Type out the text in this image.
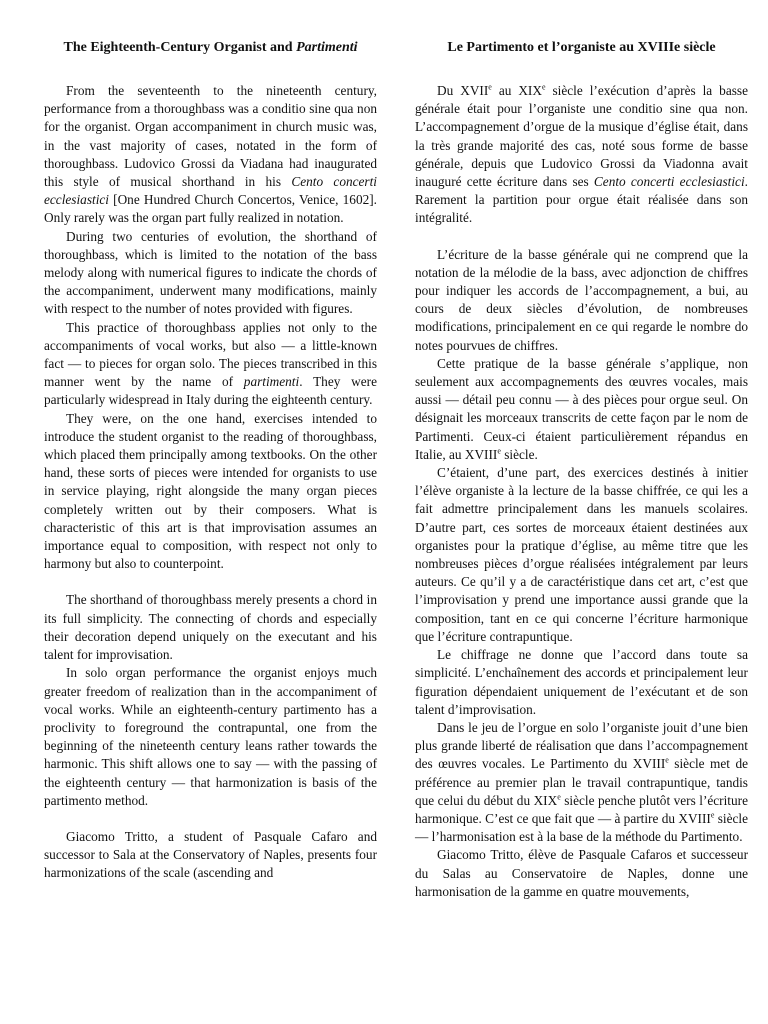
The Eighteenth-Century Organist and Partimenti

From the seventeenth to the nineteenth century, performance from a thoroughbass was a conditio sine qua non for the organist. Organ accompaniment in church music was, in the vast majority of cases, notated in the form of thoroughbass. Ludovico Grossi da Viadana had inaugurated this style of musical shorthand in his Cento concerti ecclesiastici [One Hundred Church Concertos, Venice, 1602]. Only rarely was the organ part fully realized in notation.

During two centuries of evolution, the shorthand of thoroughbass, which is limited to the notation of the bass melody along with numerical figures to indicate the chords of the accompaniment, underwent many modifications, mainly with respect to the number of notes provided with figures.

This practice of thoroughbass applies not only to the accompaniments of vocal works, but also — a little-known fact — to pieces for organ solo. The pieces transcribed in this manner went by the name of partimenti. They were particularly widespread in Italy during the eighteenth century.

They were, on the one hand, exercises intended to introduce the student organist to the reading of thoroughbass, which placed them principally among textbooks. On the other hand, these sorts of pieces were intended for organists to use in service playing, right alongside the many organ pieces completely written out by their composers. What is characteristic of this art is that improvisation assumes an importance equal to composition, with respect not only to harmony but also to counterpoint.

The shorthand of thoroughbass merely presents a chord in its full simplicity. The connecting of chords and especially their decoration depend uniquely on the executant and his talent for improvisation.

In solo organ performance the organist enjoys much greater freedom of realization than in the accompaniment of vocal works. While an eighteenth-century partimento has a proclivity to foreground the contrapuntal, one from the beginning of the nineteenth century leans rather towards the harmonic. This shift allows one to say — with the passing of the eighteenth century — that harmonization is basis of the partimento method.

Giacomo Tritto, a student of Pasquale Cafaro and successor to Sala at the Conservatory of Naples, presents four harmonizations of the scale (ascending and

Le Partimento et l’organiste au XVIIIe siècle

Du XVIIe au XIXe siècle l’exécution d’après la basse générale était pour l’organiste une conditio sine qua non. L’accompagnement d’orgue de la musique d’église était, dans la très grande majorité des cas, noté sous forme de basse générale, depuis que Ludovico Grossi da Viadonna avait inauguré cette écriture dans ses Cento concerti ecclesiastici. Rarement la partition pour orgue était réalisée dans son intégralité.

L’écriture de la basse générale qui ne comprend que la notation de la mélodie de la bass, avec adjonction de chiffres pour indiquer les accords de l’accompagnement, a bui, au cours de deux siècles d’évolution, de nombreuses modifications, principalement en ce qui regarde le nombre do notes pourvues de chiffres.

Cette pratique de la basse générale s’applique, non seulement aux accompagnements des œuvres vocales, mais aussi — détail peu connu — à des pièces pour orgue seul. On désignait les morceaux transcrits de cette façon par le nom de Partimenti. Ceux-ci étaient particulièrement répandus en Italie, au XVIIIe siècle.

C’étaient, d’une part, des exercices destinés à initier l’élève organiste à la lecture de la basse chiffrée, ce qui les a fait admettre principalement dans les manuels scolaires. D’autre part, ces sortes de morceaux étaient destinées aux organistes pour la pratique d’église, au même titre que les nombreuses pièces d’orgue réalisées intégralement par leurs auteurs. Ce qu’il y a de caractéristique dans cet art, c’est que l’improvisation y prend une importance aussi grande que la composition, tant en ce qui concerne l’écriture harmonique que l’écriture contrapuntique.

Le chiffrage ne donne que l’accord dans toute sa simplicité. L’enchaînement des accords et principalement leur figuration dépendaient uniquement de l’exécutant et de son talent d’improvisation.

Dans le jeu de l’orgue en solo l’organiste jouit d’une bien plus grande liberté de réalisation que dans l’accompagnement des œuvres vocales. Le Partimento du XVIIIe siècle met de préférence au premier plan le travail contrapuntique, tandis que celui du début du XIXe siècle penche plutôt vers l’écriture harmonique. C’est ce que fait que — à partire du XVIIIe siècle — l’harmonisation est à la base de la méthode du Partimento.

Giacomo Tritto, élève de Pasquale Cafaros et successeur du Salas au Conservatoire de Naples, donne une harmonisation de la gamme en quatre mouvements,
